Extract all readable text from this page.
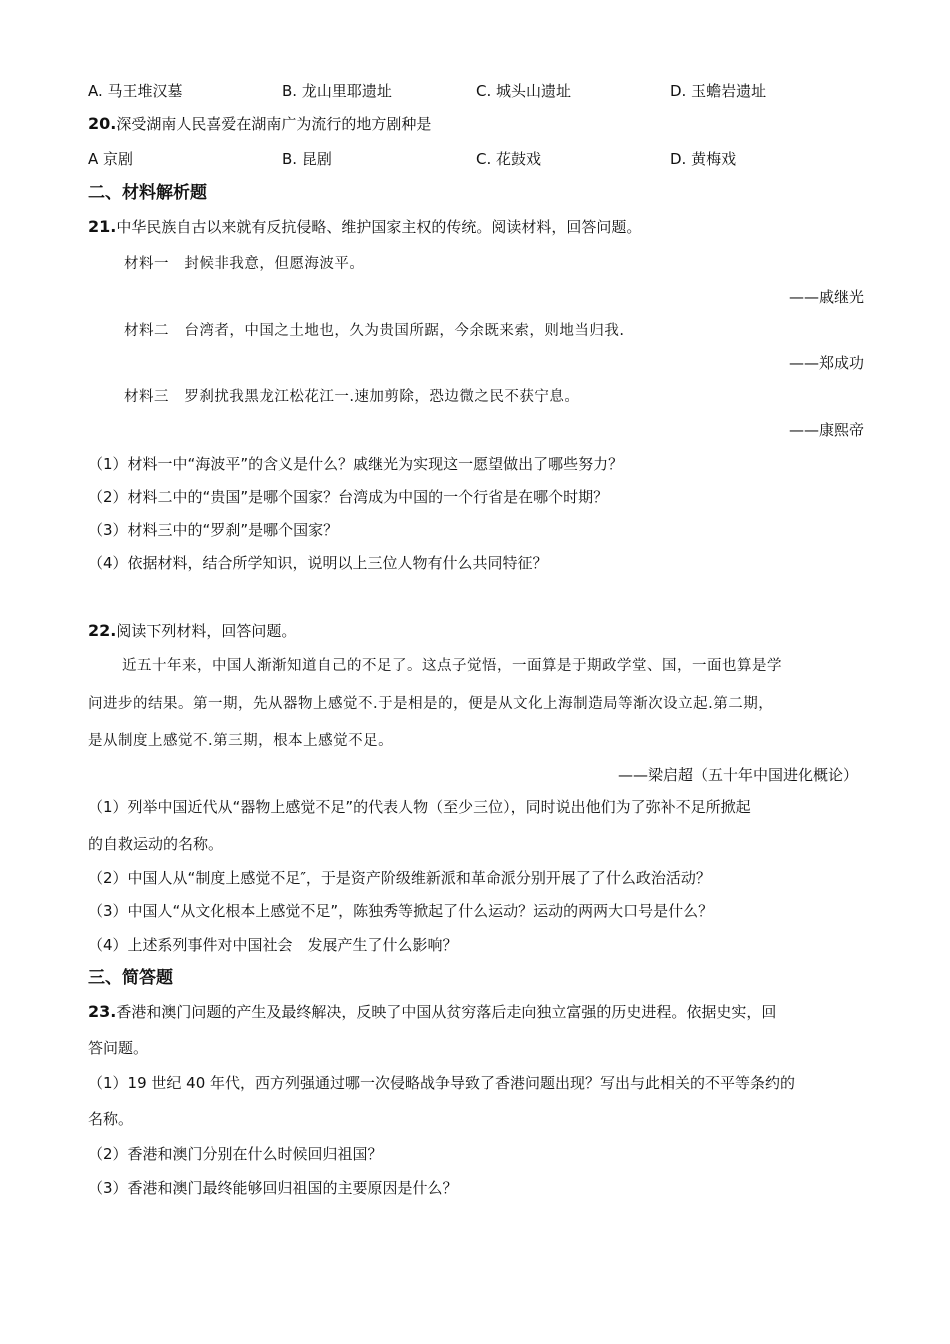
A. 马王堆汉墓	B. 龙山里耶遗址	C. 城头山遗址	D. 玉蟾岩遗址
20.深受湖南人民喜爱在湖南广为流行的地方剧种是
A 京剧	B. 昆剧	C. 花鼓戏	D. 黄梅戏
二、材料解析题
21.中华民族自古以来就有反抗侵略、维护国家主权的传统。阅读材料，回答问题。
材料一 封候非我意，但愿海波平。
——戚继光
材料二 台湾者，中国之土地也，久为贵国所踞，今余既来索，则地当归我.
——郑成功
材料三 罗刹扰我黑龙江松花江一.速加剪除，恐边微之民不获宁息。
——康熙帝
（1）材料一中“海波平”的含义是什么？戚继光为实现这一愿望做出了哪些努力？
（2）材料二中的“贵国”是哪个国家？台湾成为中国的一个行省是在哪个时期？
（3）材料三中的“罗刹”是哪个国家？
（4）依据材料，结合所学知识，说明以上三位人物有什么共同特征？
22.阅读下列材料，回答问题。
近五十年来，中国人渐渐知道自己的不足了。这点子觉悟，一面算是于期政学堂、国，一面也算是学
问进步的结果。第一期，先从器物上感觉不.于是相是的，便是从文化上海制造局等渐次设立起.第二期，
是从制度上感觉不.第三期，根本上感觉不足。
——梁启超（五十年中国进化概论）
（1）列举中国近代从“器物上感觉不足”的代表人物（至少三位），同时说出他们为了弥补不足所掀起
的自救运动的名称。
（2）中国人从“制度上感觉不足″，于是资产阶级维新派和革命派分别开展了了什么政治活动？
（3）中国人“从文化根本上感觉不足”，陈独秀等掀起了什么运动？运动的两两大口号是什么？
（4）上述系列事件对中国社会　发展产生了什么影响？
三、简答题
23.香港和澳门问题的产生及最终解决，反映了中国从贫穷落后走向独立富强的历史进程。依据史实，回
答问题。
（1）19 世纪 40 年代，西方列强通过哪一次侵略战争导致了香港问题出现？写出与此相关的不平等条约的
名称。
（2）香港和澳门分别在什么时候回归祖国？
（3）香港和澳门最终能够回归祖国的主要原因是什么？
